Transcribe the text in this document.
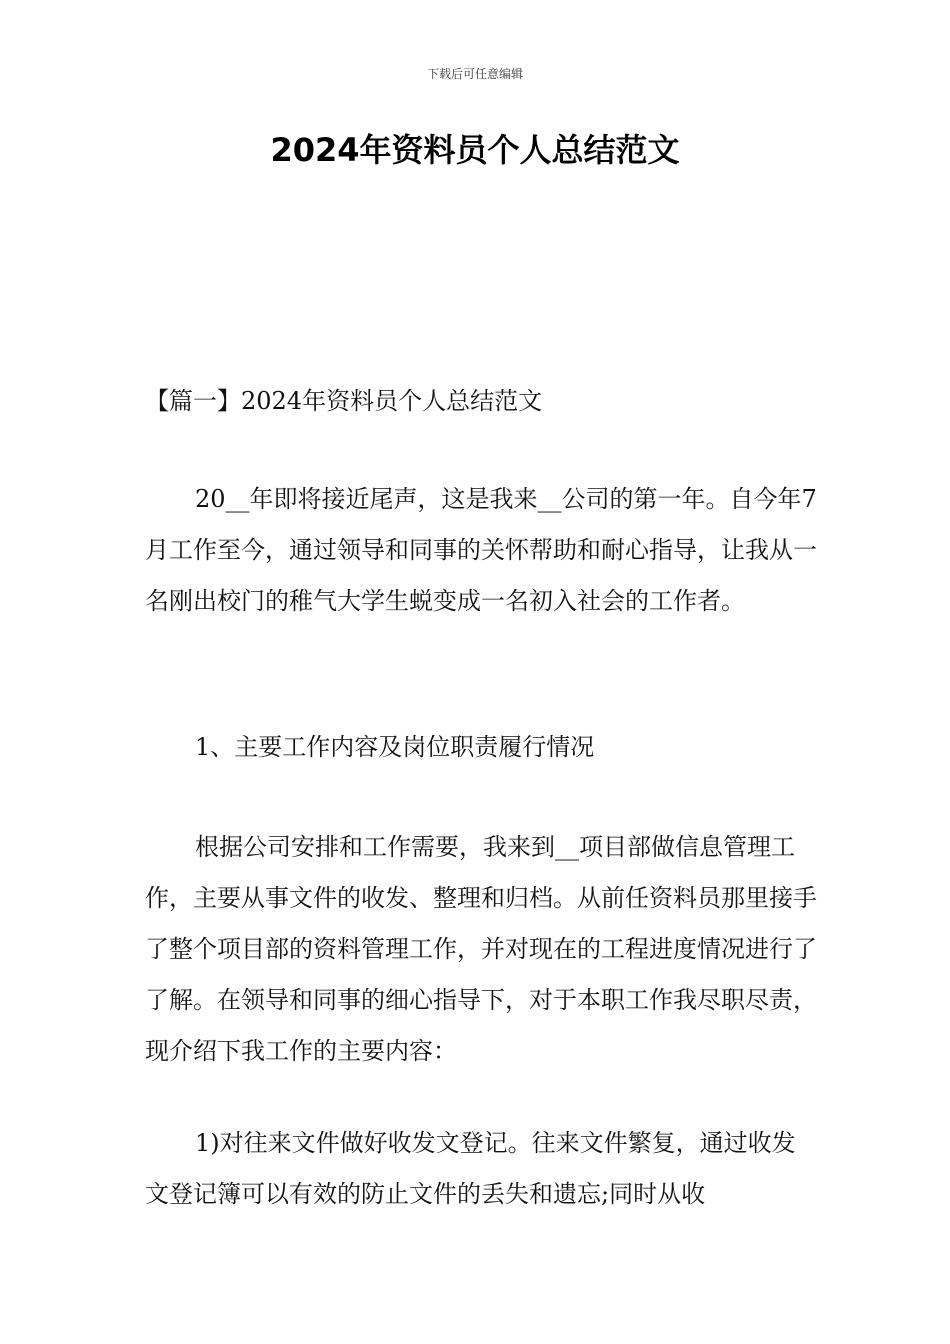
下载后可任意编辑
2024年资料员个人总结范文

【篇一】2024年资料员个人总结范文

20__年即将接近尾声，这是我来__公司的第一年。自今年7月工作至今，通过领导和同事的关怀帮助和耐心指导，让我从一名刚出校门的稚气大学生蜕变成一名初入社会的工作者。

1、主要工作内容及岗位职责履行情况

根据公司安排和工作需要，我来到__项目部做信息管理工作，主要从事文件的收发、整理和归档。从前任资料员那里接手了整个项目部的资料管理工作，并对现在的工程进度情况进行了了解。在领导和同事的细心指导下，对于本职工作我尽职尽责，现介绍下我工作的主要内容：

1)对往来文件做好收发文登记。往来文件繁复，通过收发文登记簿可以有效的防止文件的丢失和遗忘;同时从收
